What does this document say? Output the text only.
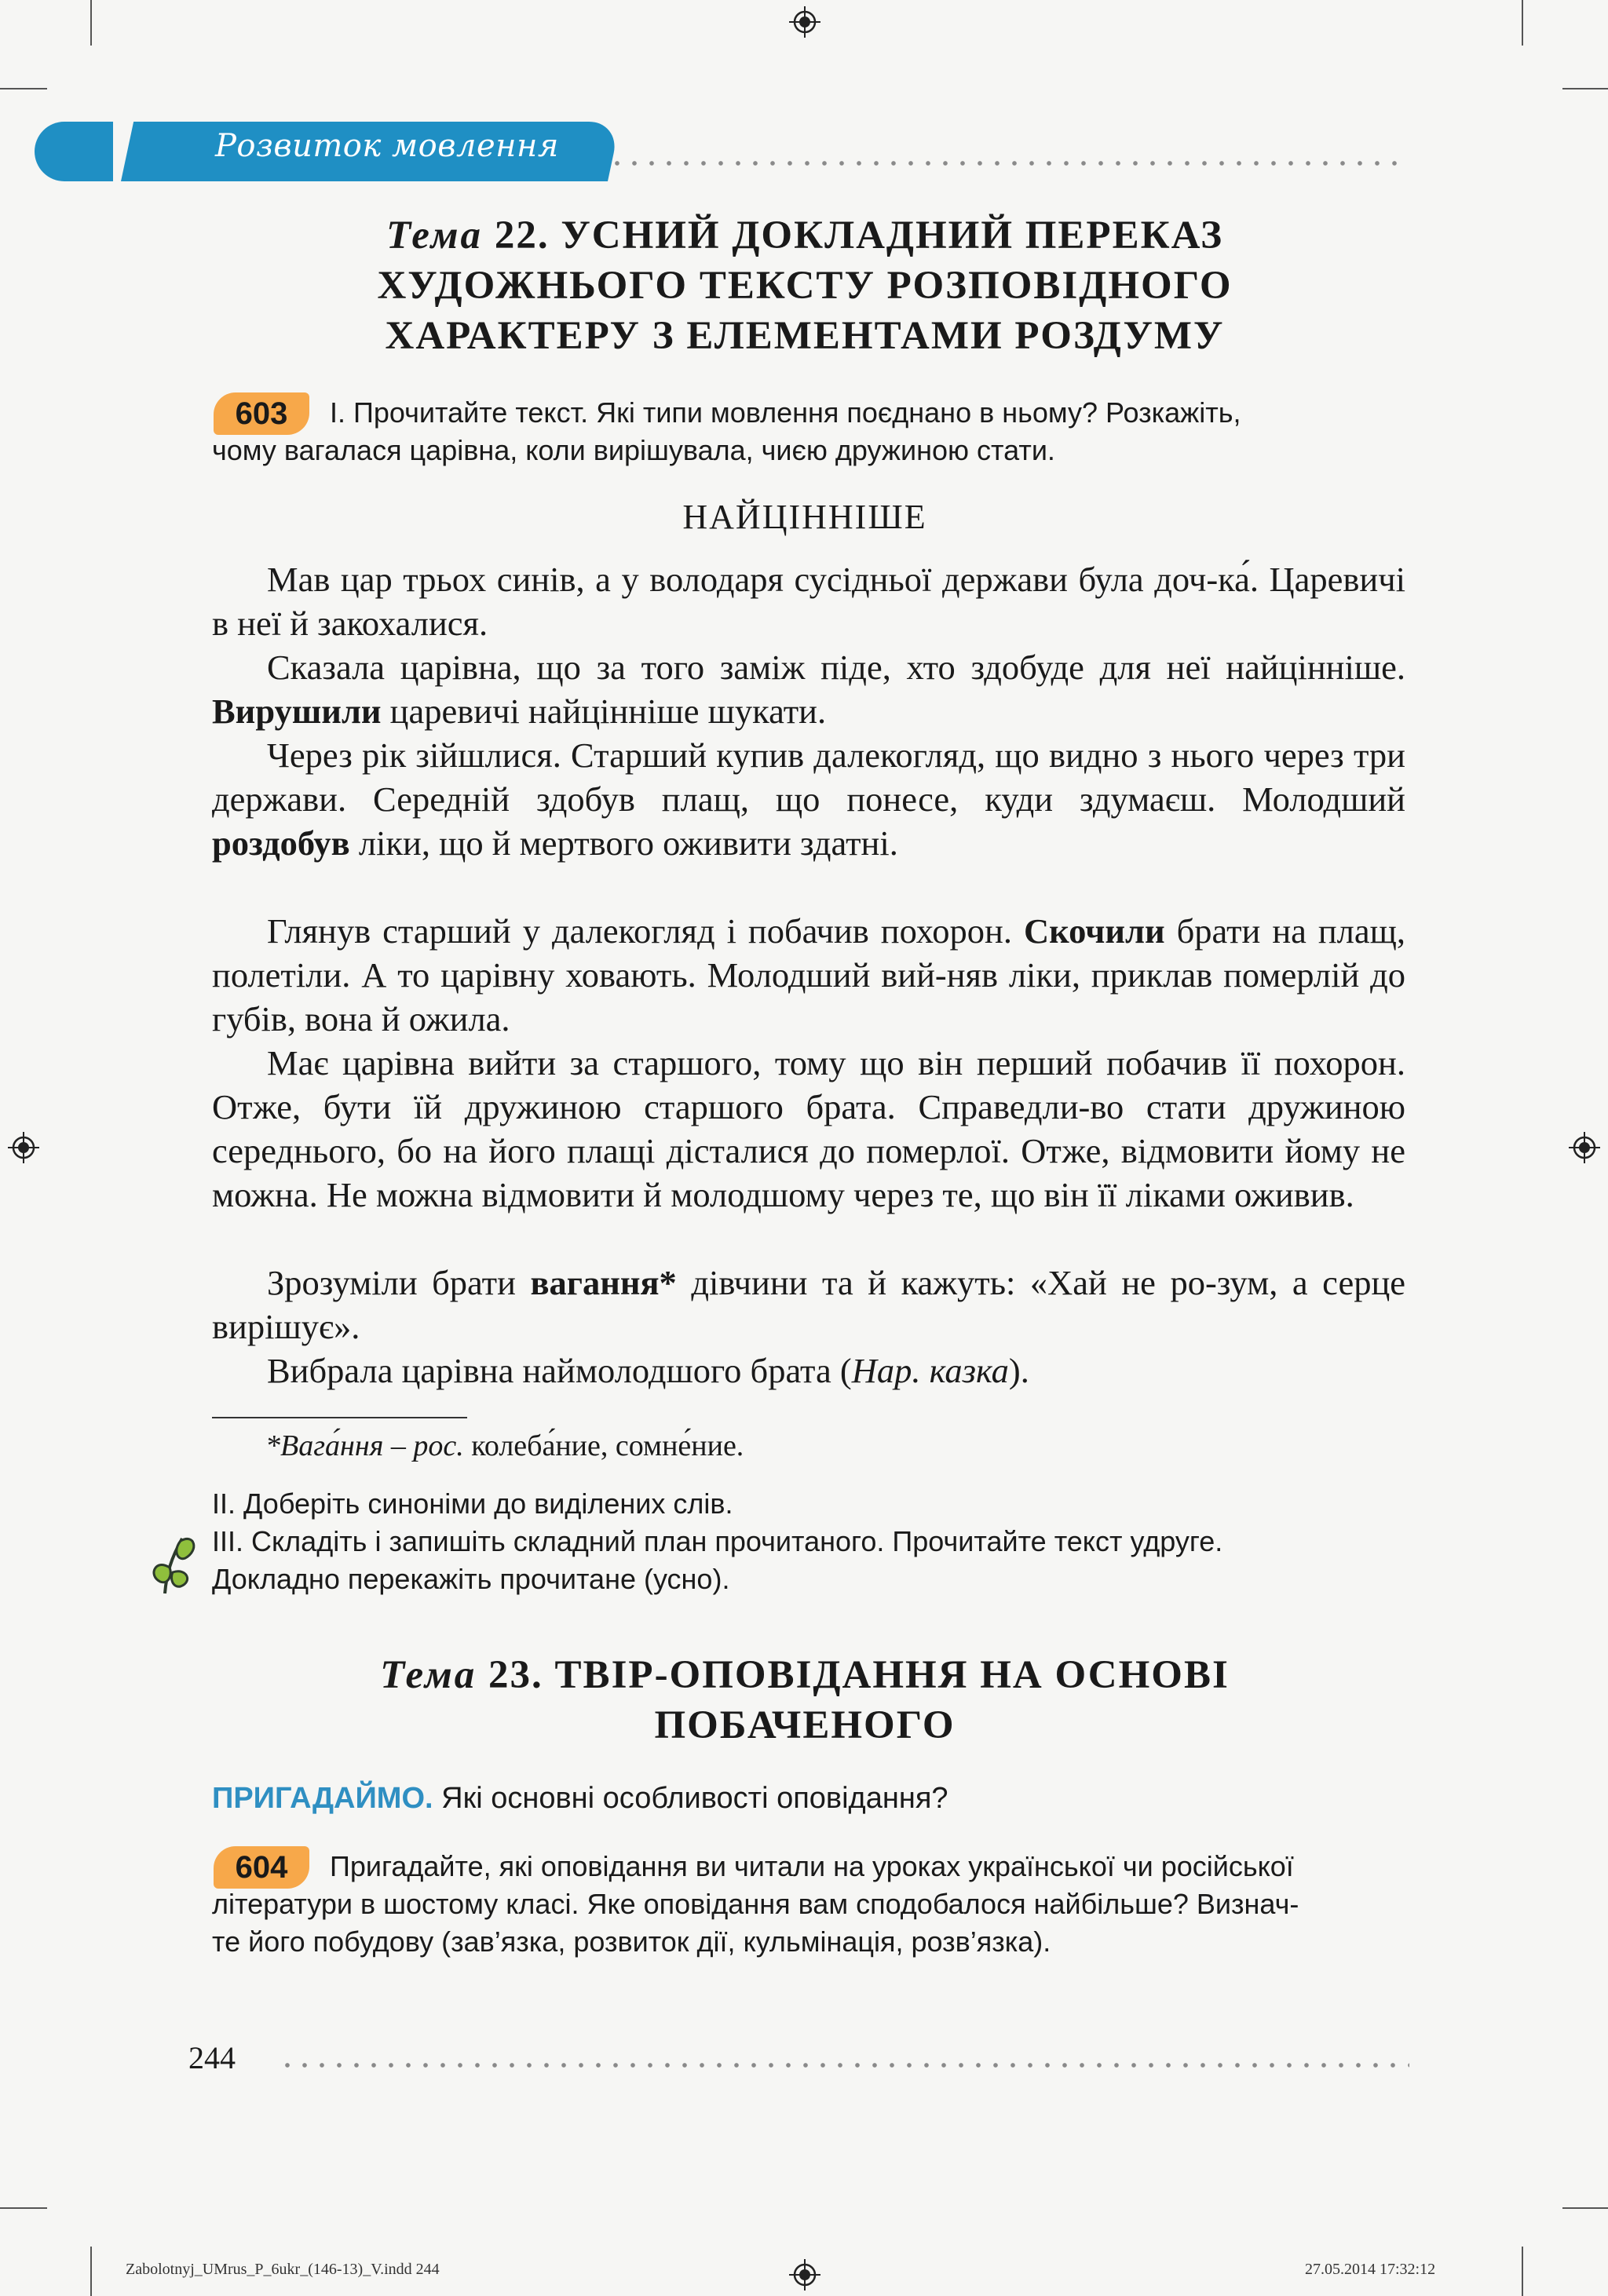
Розвиток мовлення
Тема 22. УСНИЙ ДОКЛАДНИЙ ПЕРЕКАЗ
ХУДОЖНЬОГО ТЕКСТУ РОЗПОВІДНОГО
ХАРАКТЕРУ З ЕЛЕМЕНТАМИ РОЗДУМУ
603	I. Прочитайте текст. Які типи мовлення поєднано в ньому? Розкажіть,
чому вагалася царівна, коли вирішувала, чиєю дружиною стати.
НАЙЦІННІШЕ
Мав цар трьох синів, а у володаря сусідньої держави була доч-ка́. Царевичі в неї й закохалися.
Сказала царівна, що за того заміж піде, хто здобуде для неї найцінніше. Вирушили царевичі найцінніше шукати.
Через рік зійшлися. Старший купив далекогляд, що видно з нього через три держави. Середній здобув плащ, що понесе, куди здумаєш. Молодший роздобув ліки, що й мертвого оживити здатні.
Глянув старший у далекогляд і побачив похорон. Скочили брати на плащ, полетіли. А то царівну ховають. Молодший вий-няв ліки, приклав померлій до губів, вона й ожила.
Має царівна вийти за старшого, тому що він перший побачив її похорон. Отже, бути їй дружиною старшого брата. Справедли-во стати дружиною середнього, бо на його плащі дісталися до померлої. Отже, відмовити йому не можна. Не можна відмовити й молодшому через те, що він її ліками оживив.
Зрозуміли брати вагання* дівчини та й кажуть: «Хай не ро-зум, а серце вирішує».
Вибрала царівна наймолодшого брата (Нар. казка).
*Вага́ння – рос. колеба́ние, сомне́ние.
II. Доберіть синоніми до виділених слів.
III. Складіть і запишіть складний план прочитаного. Прочитайте текст удруге.
Докладно перекажіть прочитане (усно).
Тема 23. ТВІР-ОПОВІДАННЯ НА ОСНОВІ
ПОБАЧЕНОГО
ПРИГАДАЙМО. Які основні особливості оповідання?
604	Пригадайте, які оповідання ви читали на уроках української чи російської
літератури в шостому класі. Яке оповідання вам сподобалося найбільше? Визнач-
те його побудову (зав’язка, розвиток дії, кульмінація, розв’язка).
244
Zabolotnyj_UMrus_P_6ukr_(146-13)_V.indd 244	27.05.2014 17:32:12
